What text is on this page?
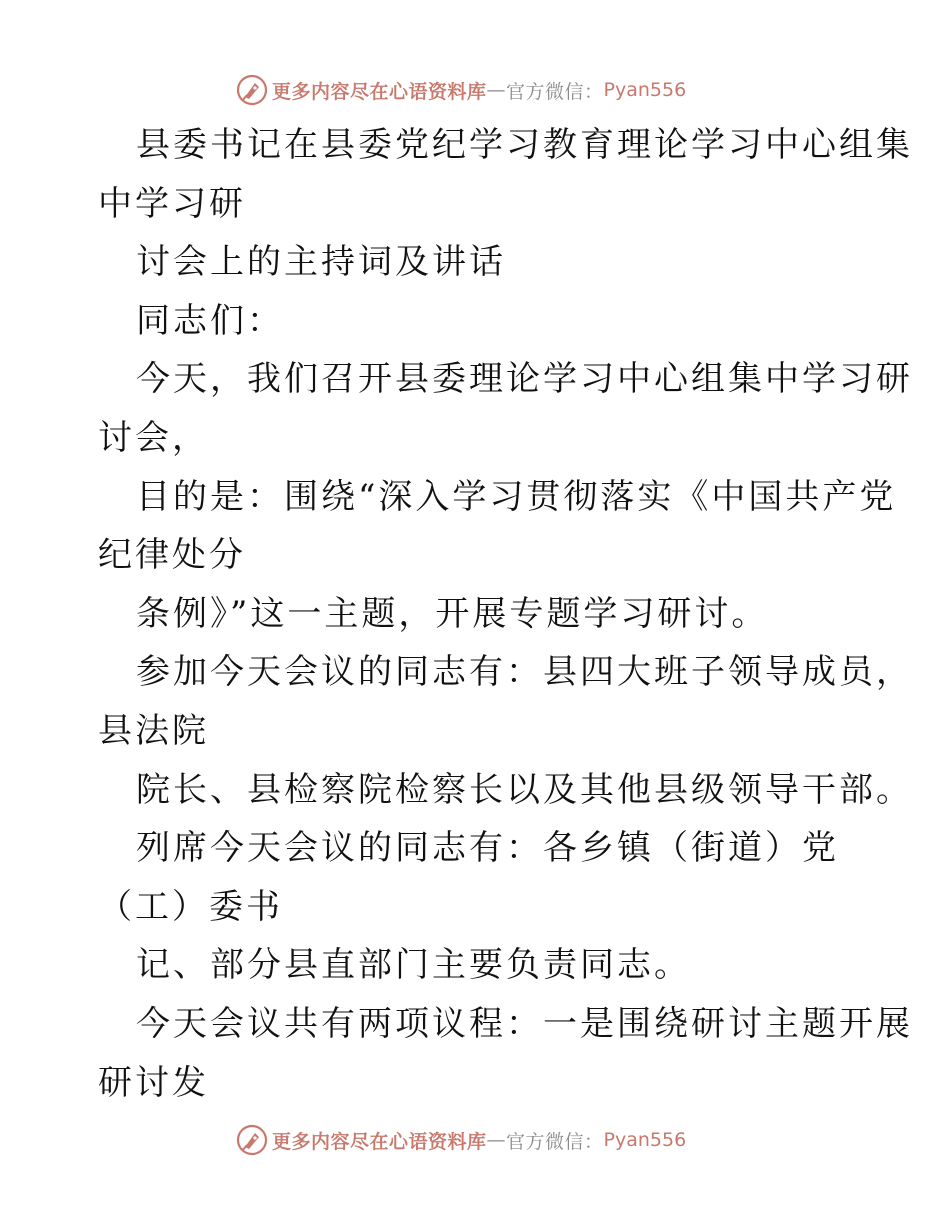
更多内容尽在心语资料库 — 官方微信： Pyan556
县委书记在县委党纪学习教育理论学习中心组集
中学习研
讨会上的主持词及讲话
同志们：
今天，我们召开县委理论学习中心组集中学习研
讨会，
目的是：围绕“深入学习贯彻落实《中国共产党
纪律处分
条例》”这一主题，开展专题学习研讨。
参加今天会议的同志有：县四大班子领导成员，
县法院
院长、县检察院检察长以及其他县级领导干部。
列席今天会议的同志有：各乡镇（街道）党
（工）委书
记、部分县直部门主要负责同志。
今天会议共有两项议程：一是围绕研讨主题开展
研讨发
更多内容尽在心语资料库 — 官方微信： Pyan556
